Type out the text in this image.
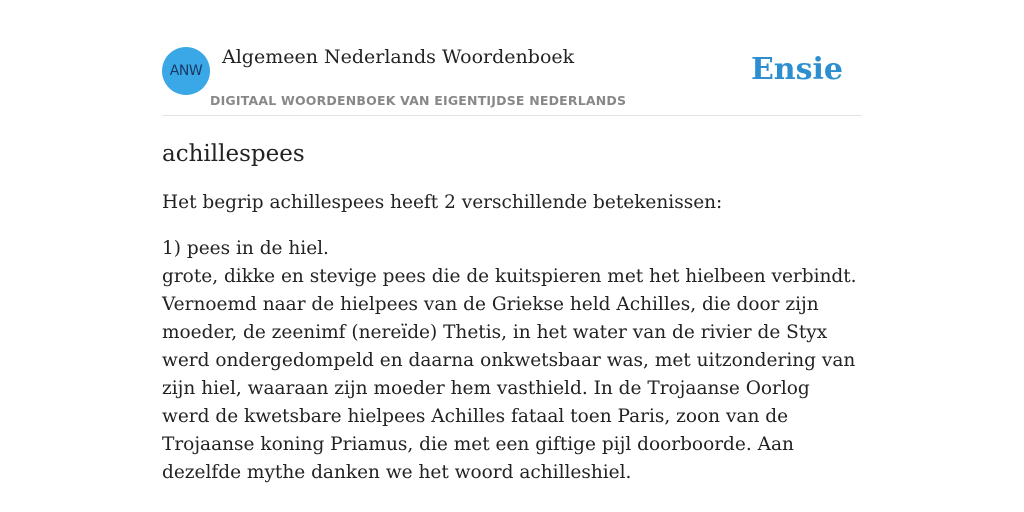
ANW
Algemeen Nederlands Woordenboek
DIGITAAL WOORDENBOEK VAN EIGENTIJDSE NEDERLANDS
Ensie
achillespees

Het begrip achillespees heeft 2 verschillende betekenissen:

1) pees in de hiel.
grote, dikke en stevige pees die de kuitspieren met het hielbeen verbindt.
Vernoemd naar de hielpees van de Griekse held Achilles, die door zijn moeder, de zeenimf (nereïde) Thetis, in het water van de rivier de Styx werd ondergedompeld en daarna onkwetsbaar was, met uitzondering van zijn hiel, waaraan zijn moeder hem vasthield. In de Trojaanse Oorlog werd de kwetsbare hielpees Achilles fataal toen Paris, zoon van de Trojaanse koning Priamus, die met een giftige pijl doorboorde. Aan dezelfde mythe danken we het woord achilleshiel.
